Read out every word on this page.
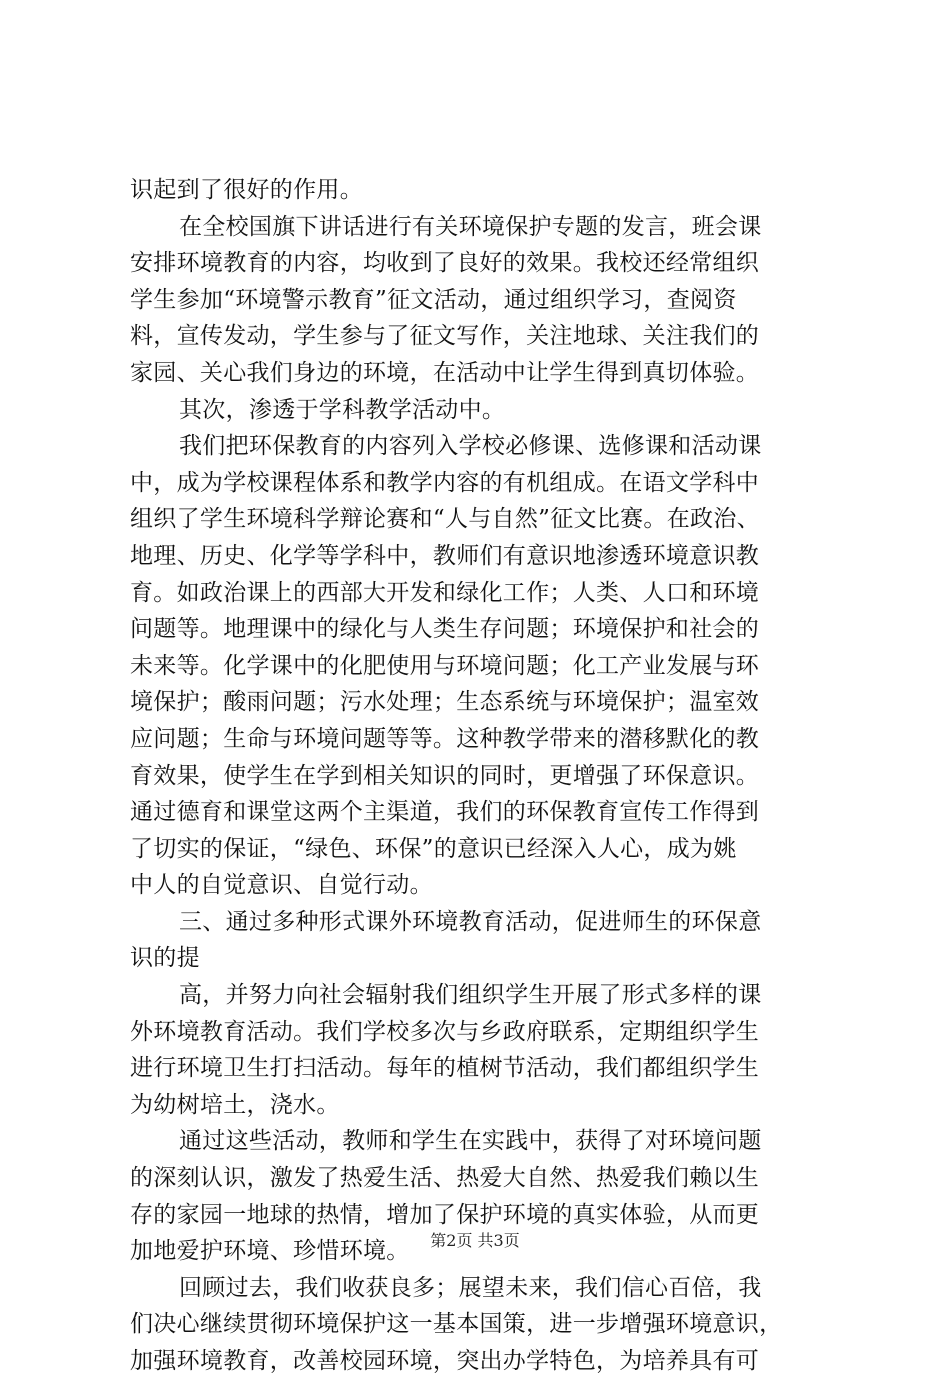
识起到了很好的作用。
在全校国旗下讲话进行有关环境保护专题的发言，班会课
安排环境教育的内容，均收到了良好的效果。我校还经常组织
学生参加“环境警示教育”征文活动，通过组织学习，查阅资
料，宣传发动，学生参与了征文写作，关注地球、关注我们的
家园、关心我们身边的环境，在活动中让学生得到真切体验。
其次，渗透于学科教学活动中。
我们把环保教育的内容列入学校必修课、选修课和活动课
中，成为学校课程体系和教学内容的有机组成。在语文学科中
组织了学生环境科学辩论赛和“人与自然”征文比赛。在政治、
地理、历史、化学等学科中，教师们有意识地渗透环境意识教
育。如政治课上的西部大开发和绿化工作；人类、人口和环境
问题等。地理课中的绿化与人类生存问题；环境保护和社会的
未来等。化学课中的化肥使用与环境问题；化工产业发展与环
境保护；酸雨问题；污水处理；生态系统与环境保护；温室效
应问题；生命与环境问题等等。这种教学带来的潜移默化的教
育效果，使学生在学到相关知识的同时，更增强了环保意识。
通过德育和课堂这两个主渠道，我们的环保教育宣传工作得到
了切实的保证，“绿色、环保”的意识已经深入人心，成为姚
中人的自觉意识、自觉行动。
三、通过多种形式课外环境教育活动，促进师生的环保意
识的提
高，并努力向社会辐射我们组织学生开展了形式多样的课
外环境教育活动。我们学校多次与乡政府联系，定期组织学生
进行环境卫生打扫活动。每年的植树节活动，我们都组织学生
为幼树培土，浇水。
通过这些活动，教师和学生在实践中，获得了对环境问题
的深刻认识，激发了热爱生活、热爱大自然、热爱我们赖以生
存的家园一地球的热情，增加了保护环境的真实体验，从而更
加地爱护环境、珍惜环境。
回顾过去，我们收获良多；展望未来，我们信心百倍，我
们决心继续贯彻环境保护这一基本国策，进一步增强环境意识，
加强环境教育，改善校园环境，突出办学特色，为培养具有可
第2页 共3页
